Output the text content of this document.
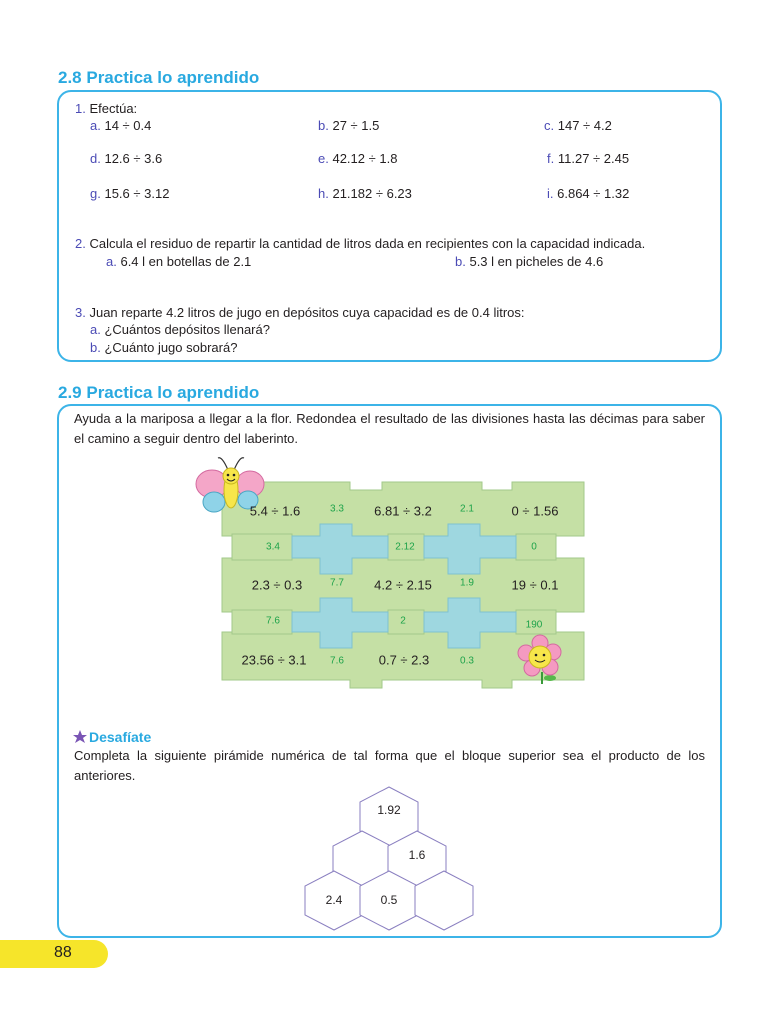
2.8 Practica lo aprendido
1. Efectúa:
a. 14 ÷ 0.4	b. 27 ÷ 1.5	c. 147 ÷ 4.2
d. 12.6 ÷ 3.6	e. 42.12 ÷ 1.8	f. 11.27 ÷ 2.45
g. 15.6 ÷ 3.12	h. 21.182 ÷ 6.23	i. 6.864 ÷ 1.32
2. Calcula el residuo de repartir la cantidad de litros dada en recipientes con la capacidad indicada.
a. 6.4 l en botellas de 2.1	b. 5.3 l en picheles de 4.6
3. Juan reparte 4.2 litros de jugo en depósitos cuya capacidad es de 0.4 litros:
a. ¿Cuántos depósitos llenará?
b. ¿Cuánto jugo sobrará?
2.9 Practica lo aprendido
Ayuda a la mariposa a llegar a la flor. Redondea el resultado de las divisiones hasta las décimas para saber el camino a seguir dentro del laberinto.
5.4 ÷ 1.6	6.81 ÷ 3.2	0 ÷ 1.56
2.3 ÷ 0.3	4.2 ÷ 2.15	19 ÷ 0.1
23.56 ÷ 3.1	0.7 ÷ 2.3
3.3	2.1
3.4	2.12	0
7.7	1.9
7.6	2	190
7.6	0.3
Desafíate
Completa la siguiente pirámide numérica de tal forma que el bloque superior sea el producto de los anteriores.
1.92
1.6
2.4	0.5
88
